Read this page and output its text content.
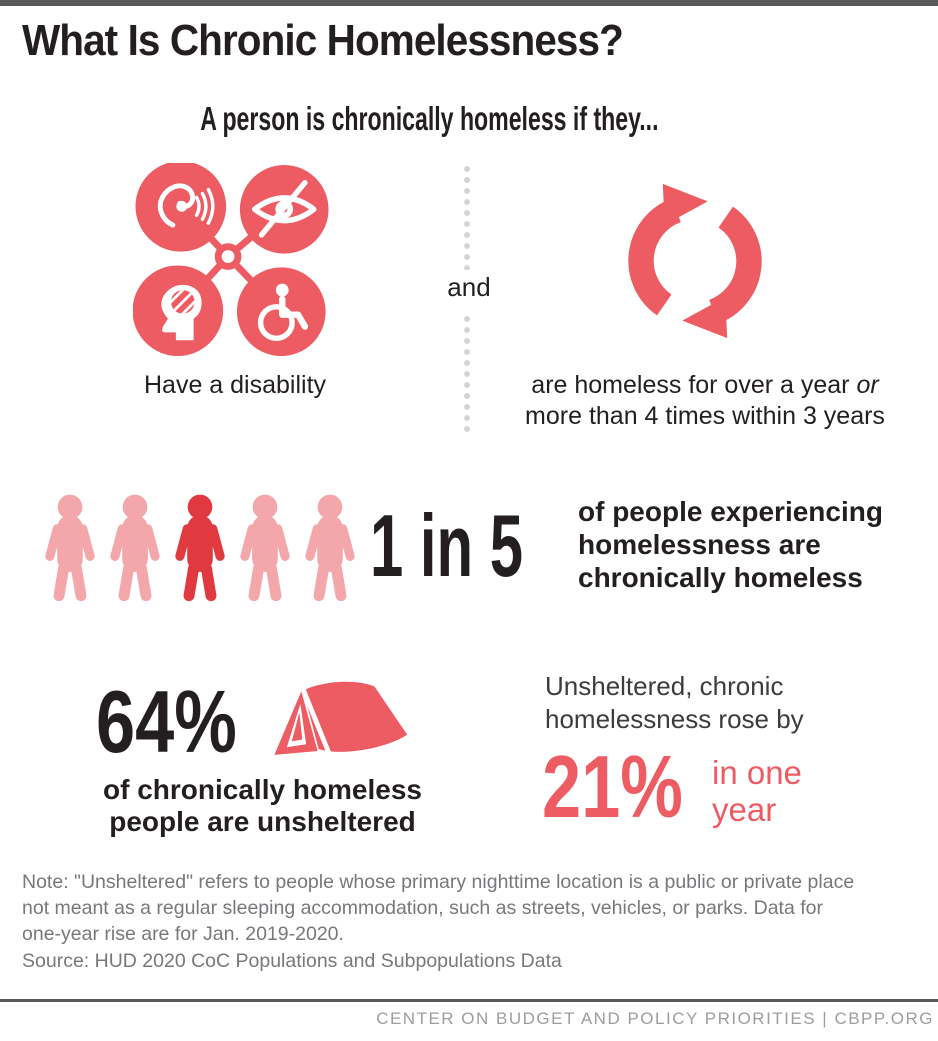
What Is Chronic Homelessness?
A person is chronically homeless if they...
Have a disability
and
are homeless for over a year or
more than 4 times within 3 years
1 in 5	of people experiencing
homelessness are
chronically homeless
64%
of chronically homeless
people are unsheltered
Unsheltered, chronic
homelessness rose by
21% in one
year

Note: "Unsheltered" refers to people whose primary nighttime location is a public or private place not meant as a regular sleeping accommodation, such as streets, vehicles, or parks. Data for one-year rise are for Jan. 2019-2020.

Source: HUD 2020 CoC Populations and Subpopulations Data

CENTER ON BUDGET AND POLICY PRIORITIES | CBPP.ORG
